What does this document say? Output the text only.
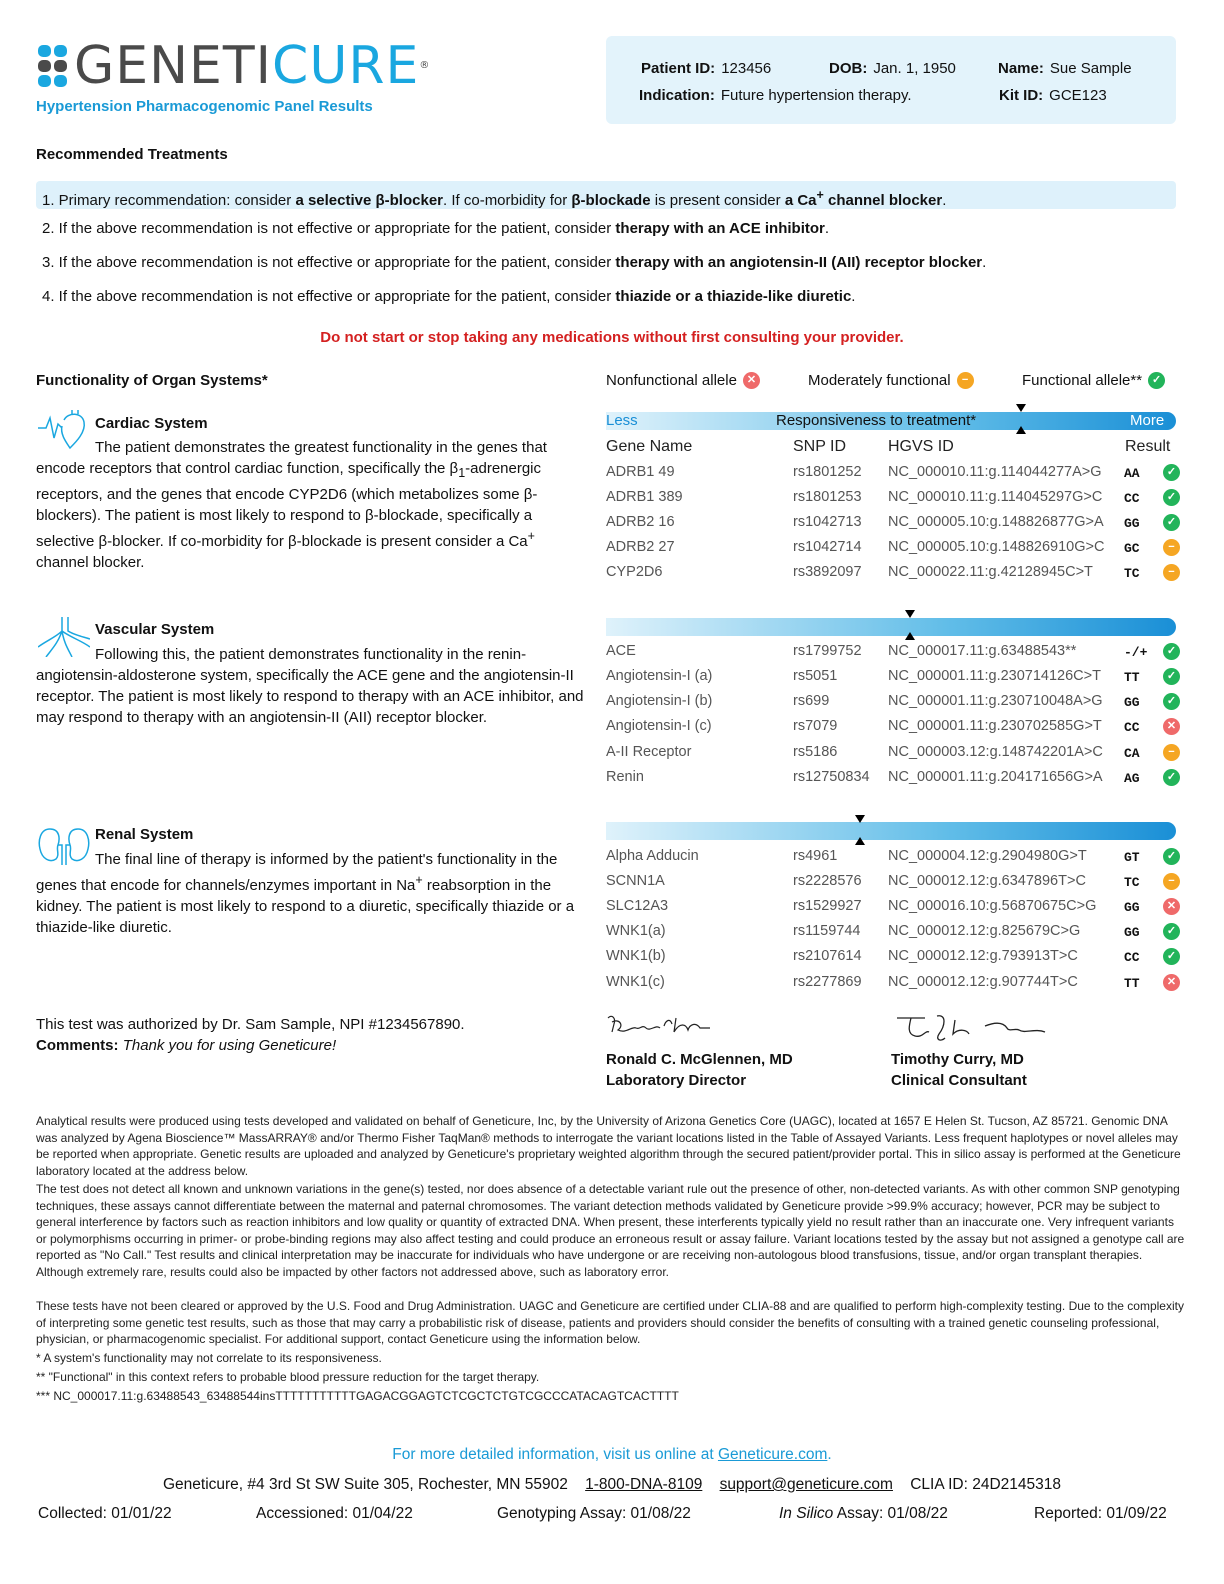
GENETICURE®
Hypertension Pharmacogenomic Panel Results
Patient ID: 123456	DOB: Jan. 1, 1950	Name: Sue Sample
Indication: Future hypertension therapy.	Kit ID: GCE123
Recommended Treatments
1. Primary recommendation: consider a selective β-blocker. If co-morbidity for β-blockade is present consider a Ca+ channel blocker.
2. If the above recommendation is not effective or appropriate for the patient, consider therapy with an ACE inhibitor.
3. If the above recommendation is not effective or appropriate for the patient, consider therapy with an angiotensin-II (AII) receptor blocker.
4. If the above recommendation is not effective or appropriate for the patient, consider thiazide or a thiazide-like diuretic.
Do not start or stop taking any medications without first consulting your provider.
Functionality of Organ Systems*	Nonfunctional allele ✕	Moderately functional	−	Functional allele** ✓
Cardiac System
The patient demonstrates the greatest functionality in the genes that encode receptors that control cardiac function, specifically the $\beta_1$-adrenergic receptors, and the genes that encode CYP2D6 (which metabolizes some β-blockers). The patient is most likely to respond to β-blockade, specifically a selective β-blocker. If co-morbidity for β-blockade is present consider a Ca+ channel blocker.
Less	Responsiveness to treatment*	More
Gene Name	SNP ID	HGVS ID	Result
ADRB1 49	rs1801252 NC_000010.11:g.114044277A>G AA	✓
ADRB1 389	rs1801253 NC_000010.11:g.114045297G>C CC	✓
ADRB2 16	rs1042713 NC_000005.10:g.148826877G>A GG	✓
ADRB2 27	rs1042714 NC_000005.10:g.148826910G>C GC	−
CYP2D6	rs3892097 NC_000022.11:g.42128945C>T TC	−
Vascular System
Following this, the patient demonstrates functionality in the renin-angiotensin-aldosterone system, specifically the ACE gene and the angiotensin-II receptor. The patient is most likely to respond to therapy with an ACE inhibitor, and may respond to therapy with an angiotensin-II (AII) receptor blocker.
ACE	rs1799752 NC_000017.11:g.63488543**	-/+	✓
Angiotensin-I (a)	rs5051	NC_000001.11:g.230714126C>T TT	✓
Angiotensin-I (b)	rs699	NC_000001.11:g.230710048A>G GG	✓
Angiotensin-I (c)	rs7079	NC_000001.11:g.230702585G>T CC	✕
A-II Receptor	rs5186	NC_000003.12:g.148742201A>C CA	−
Renin	rs12750834 NC_000001.11:g.204171656G>A AG	✓
Renal System
The final line of therapy is informed by the patient's functionality in the genes that encode for channels/enzymes important in Na+ reabsorption in the kidney. The patient is most likely to respond to a diuretic, specifically thiazide or a thiazide-like diuretic.
Alpha Adducin	rs4961	NC_000004.12:g.2904980G>T	GT	✓
SCNN1A	rs2228576 NC_000012.12:g.6347896T>C	TC	−
SLC12A3	rs1529927 NC_000016.10:g.56870675C>G GG	✕
WNK1(a)	rs1159744 NC_000012.12:g.825679C>G	GG	✓
WNK1(b)	rs2107614 NC_000012.12:g.793913T>C	CC	✓
WNK1(c)	rs2277869 NC_000012.12:g.907744T>C	TT	✕
This test was authorized by Dr. Sam Sample, NPI #1234567890.
Comments: Thank you for using Geneticure!
Ronald C. McGlennen, MD
Laboratory Director
Timothy Curry, MD
Clinical Consultant
Analytical results were produced using tests developed and validated on behalf of Geneticure, Inc, by the University of Arizona Genetics Core (UAGC), located at 1657 E Helen St. Tucson, AZ 85721. Genomic DNA was analyzed by Agena Bioscience™ MassARRAY® and/or Thermo Fisher TaqMan® methods to interrogate the variant locations listed in the Table of Assayed Variants. Less frequent haplotypes or novel alleles may be reported when appropriate. Genetic results are uploaded and analyzed by Geneticure's proprietary weighted algorithm through the secured patient/provider portal. This in silico assay is performed at the Geneticure laboratory located at the address below.
The test does not detect all known and unknown variations in the gene(s) tested, nor does absence of a detectable variant rule out the presence of other, non-detected variants. As with other common SNP genotyping techniques, these assays cannot differentiate between the maternal and paternal chromosomes. The variant detection methods validated by Geneticure provide >99.9% accuracy; however, PCR may be subject to general interference by factors such as reaction inhibitors and low quality or quantity of extracted DNA. When present, these interferents typically yield no result rather than an inaccurate one. Very infrequent variants or polymorphisms occurring in primer- or probe-binding regions may also affect testing and could produce an erroneous result or assay failure. Variant locations tested by the assay but not assigned a genotype call are reported as "No Call." Test results and clinical interpretation may be inaccurate for individuals who have undergone or are receiving non-autologous blood transfusions, tissue, and/or organ transplant therapies. Although extremely rare, results could also be impacted by other factors not addressed above, such as laboratory error.
These tests have not been cleared or approved by the U.S. Food and Drug Administration. UAGC and Geneticure are certified under CLIA-88 and are qualified to perform high-complexity testing. Due to the complexity of interpreting some genetic test results, such as those that may carry a probabilistic risk of disease, patients and providers should consider the benefits of consulting with a trained genetic counseling professional, physician, or pharmacogenomic specialist. For additional support, contact Geneticure using the information below.
* A system's functionality may not correlate to its responsiveness.
** "Functional" in this context refers to probable blood pressure reduction for the target therapy.
*** NC_000017.11:g.63488543_63488544insTTTTTTTTTTTGAGACGGAGTCTCGCTCTGTCGCCCATACAGTCACTTTT
For more detailed information, visit us online at Geneticure.com.
Geneticure, #4 3rd St SW Suite 305, Rochester, MN 55902 1-800-DNA-8109 support@geneticure.com CLIA ID: 24D2145318
Collected: 01/01/22	Accessioned: 01/04/22	Genotyping Assay: 01/08/22	In Silico Assay: 01/08/22	Reported: 01/09/22
